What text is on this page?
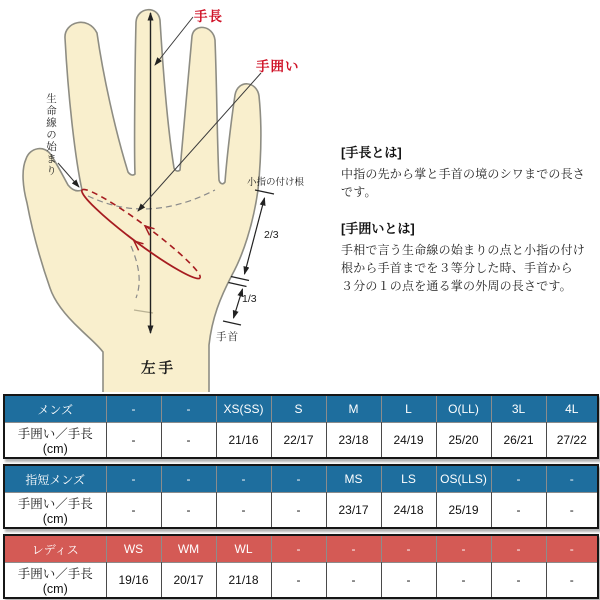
手長
手囲い
生命線の始まり
小指の付け根
2/3
1/3
手首
左手
[手長とは]
中指の先から掌と手首の境のシワまでの長さ
です。
[手囲いとは]
手相で言う生命線の始まりの点と小指の付け
根から手首までを３等分した時、手首から
３分の１の点を通る掌の外周の長さです。
メンズ	-	-	XS(SS)	S	M	L	O(LL)	3L	4L
手囲い／手長(cm)	-	-	21/16	22/17	23/18	24/19	25/20	26/21	27/22
指短メンズ	-	-	-	-	MS	LS	OS(LLS)	-	-
手囲い／手長(cm)	-	-	-	-	23/17	24/18	25/19	-	-
レディス	WS	WM	WL	-	-	-	-	-	-
手囲い／手長(cm)	19/16	20/17	21/18	-	-	-	-	-	-
